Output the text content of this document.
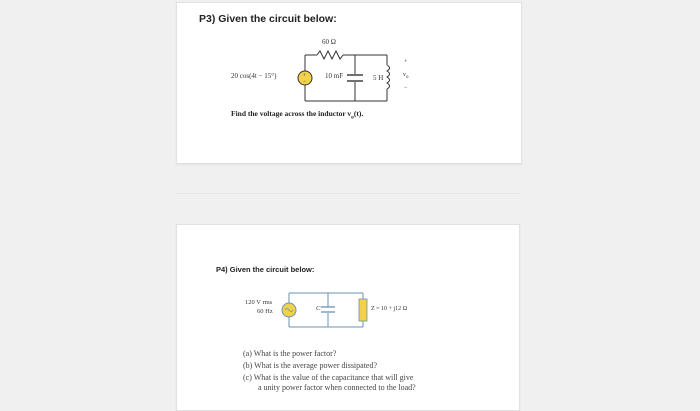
P3) Given the circuit below:
+
−
60 Ω
20 cos(4t − 15°)	10 mF	5 H
+
$v_o$
−
Find the voltage across the inductor $v_o(t)$.
P4) Given the circuit below:
120 V rms
60 Hz	C	Z = 10 + j12 Ω
(a) What is the power factor?
(b) What is the average power dissipated?
(c) What is the value of the capacitance that will give
a unity power factor when connected to the load?
